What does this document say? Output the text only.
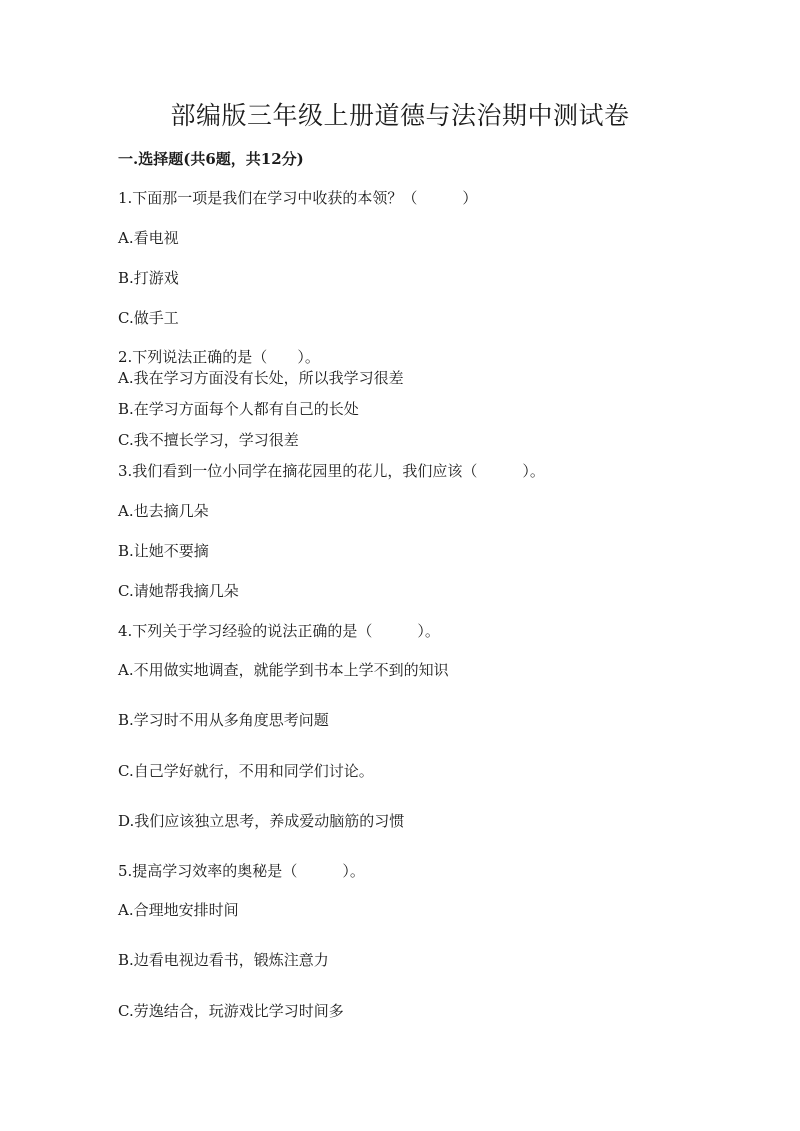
部编版三年级上册道德与法治期中测试卷
一.选择题(共6题，共12分)
1.下面那一项是我们在学习中收获的本领？（　　　）
A.看电视
B.打游戏
C.做手工
2.下列说法正确的是（　　）。
A.我在学习方面没有长处，所以我学习很差
B.在学习方面每个人都有自己的长处
C.我不擅长学习，学习很差
3.我们看到一位小同学在摘花园里的花儿，我们应该（　　　）。
A.也去摘几朵
B.让她不要摘
C.请她帮我摘几朵
4.下列关于学习经验的说法正确的是（　　　）。
A.不用做实地调查，就能学到书本上学不到的知识
B.学习时不用从多角度思考问题
C.自己学好就行，不用和同学们讨论。
D.我们应该独立思考，养成爱动脑筋的习惯
5.提高学习效率的奥秘是（　　　）。
A.合理地安排时间
B.边看电视边看书，锻炼注意力
C.劳逸结合，玩游戏比学习时间多
